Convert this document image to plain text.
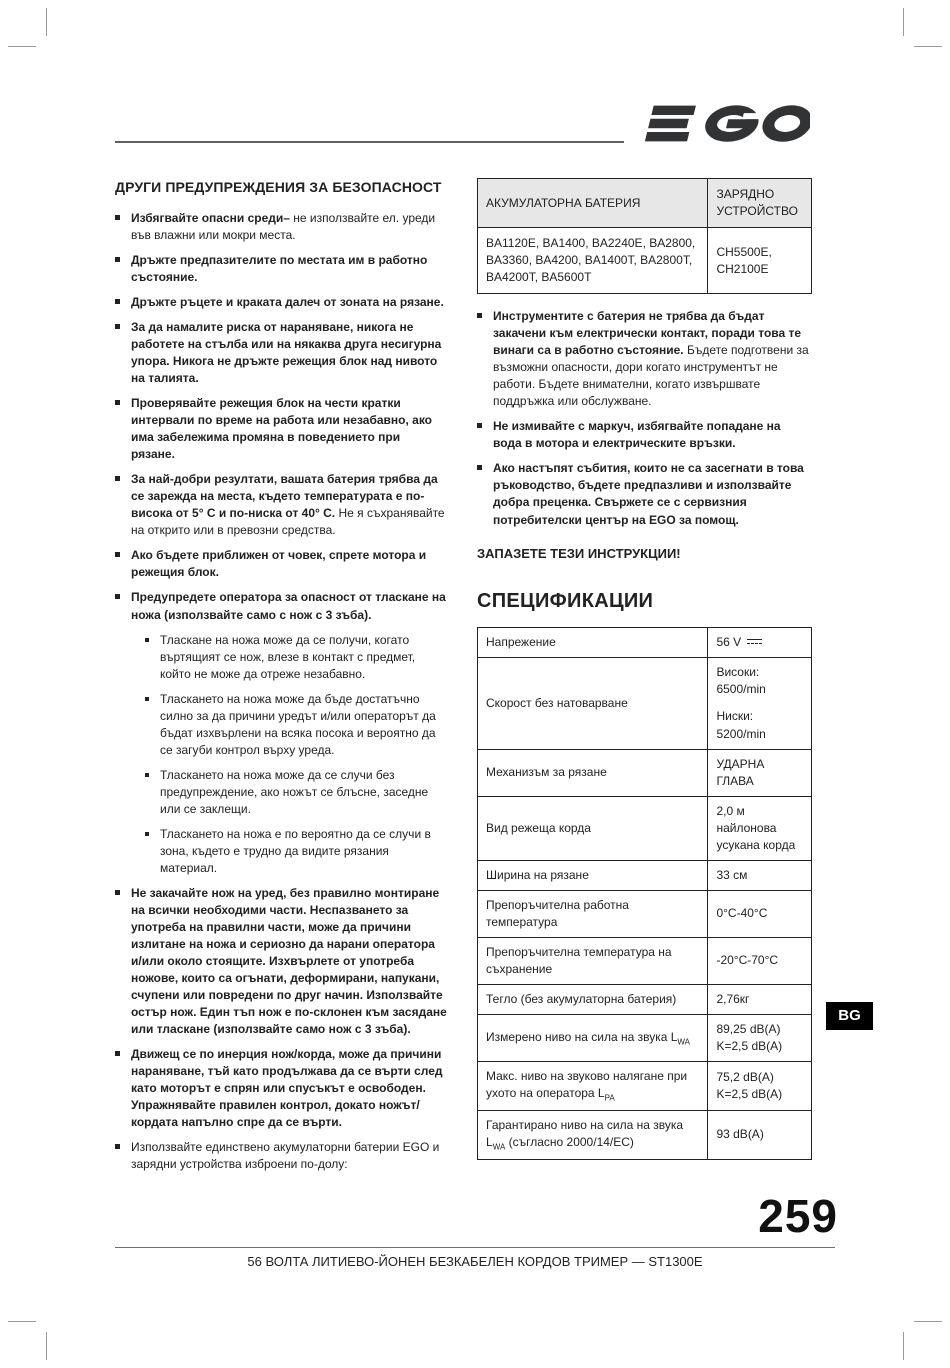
ДРУГИ ПРЕДУПРЕЖДЕНИЯ ЗА БЕЗОПАСНОСТ

Избягвайте опасни среди– не използвайте ел. уреди във влажни или мокри места.

Дръжте предпазителите по местата им в работно състояние.

Дръжте ръцете и краката далеч от зоната на рязане.

За да намалите риска от нараняване, никога не работете на стълба или на някаква друга несигурна упора. Никога не дръжте режещия блок над нивото на талията.

Проверявайте режещия блок на чести кратки интервали по време на работа или незабавно, ако има забележима промяна в поведението при рязане.

За най-добри резултати, вашата батерия трябва да се зарежда на места, където температурата е по-висока от 5° C и по-ниска от 40° C. Не я съхранявайте на открито или в превозни средства.

Ако бъдете приближен от човек, спрете мотора и режещия блок.

Предупредете оператора за опасност от тласкане на ножа (използвайте само с нож с 3 зъба).

Тласкане на ножа може да се получи, когато въртящият се нож, влезе в контакт с предмет, който не може да отреже незабавно.

Тласкането на ножа може да бъде достатъчно силно за да причини уредът и/или операторът да бъдат изхвърлени на всяка посока и вероятно да се загуби контрол върху уреда.

Тласкането на ножа може да се случи без предупреждение, ако ножът се блъсне, заседне или се заклещи.

Тласкането на ножа е по вероятно да се случи в зона, където е трудно да видите рязания материал.

Не закачайте нож на уред, без правилно монтиране на всички необходими части. Неспазването за употреба на правилни части, може да причини излитане на ножа и сериозно да нарани оператора и/или около стоящите. Изхвърлете от употреба ножове, които са огънати, деформирани, напукани, счупени или повредени по друг начин. Използвайте остър нож. Един тъп нож е по-склонен към засядане или тласкане (използвайте само нож с 3 зъба).

Движещ се по инерция нож/корда, може да причини нараняване, тъй като продължава да се върти след като моторът е спрян или спусъкът е освободен. Упражнявайте правилен контрол, докато ножът/кордата напълно спре да се върти.

Използвайте единствено акумулаторни батерии EGO и зарядни устройства изброени по-долу:

АКУМУЛАТОРНА БАТЕРИЯ	ЗАРЯДНО УСТРОЙСТВО
BA1120E, BA1400, BA2240E, BA2800, BA3360, BA4200, BA1400T, BA2800T, BA4200T, BA5600T	CH5500E, CH2100E

Инструментите с батерия не трябва да бъдат закачени към електрически контакт, поради това те винаги са в работно състояние. Бъдете подготвени за възможни опасности, дори когато инструментът не работи. Бъдете внимателни, когато извършвате поддръжка или обслужване.

Не измивайте с маркуч, избягвайте попадане на вода в мотора и електрическите връзки.

Ако настъпят събития, които не са засегнати в това ръководство, бъдете предпазливи и използвайте добра преценка. Свържете се с сервизния потребителски център на EGO за помощ.

ЗАПАЗЕТЕ ТЕЗИ ИНСТРУКЦИИ!

СПЕЦИФИКАЦИИ
Напрежение	56 V

Скорост без натоварване	Високи: 6500/min
Ниски: 5200/min

Механизъм за рязане	УДАРНА ГЛАВА
Вид режеща корда	2,0 м найлонова усукана корда
Ширина на рязане	33 см
Препоръчителна работна температура	0°C-40°C
Препоръчителна температура на съхранение	-20°C-70°C
Тегло (без акумулаторна батерия)	2,76кг
Измерено ниво на сила на звука $L_{WA}$	89,25 dB(A)
K=2,5 dB(A)

Макс. ниво на звуково налягане при ухото на оператора $L_{PA}$	75,2 dB(A)
K=2,5 dB(A)

Гарантирано ниво на сила на звука $L_{WA}$ (съгласно 2000/14/EC)	93 dB(A)
BG
259
56 ВОЛТА ЛИТИЕВО-ЙОНЕН БЕЗКАБЕЛЕН КОРДОВ ТРИМЕР — ST1300E
